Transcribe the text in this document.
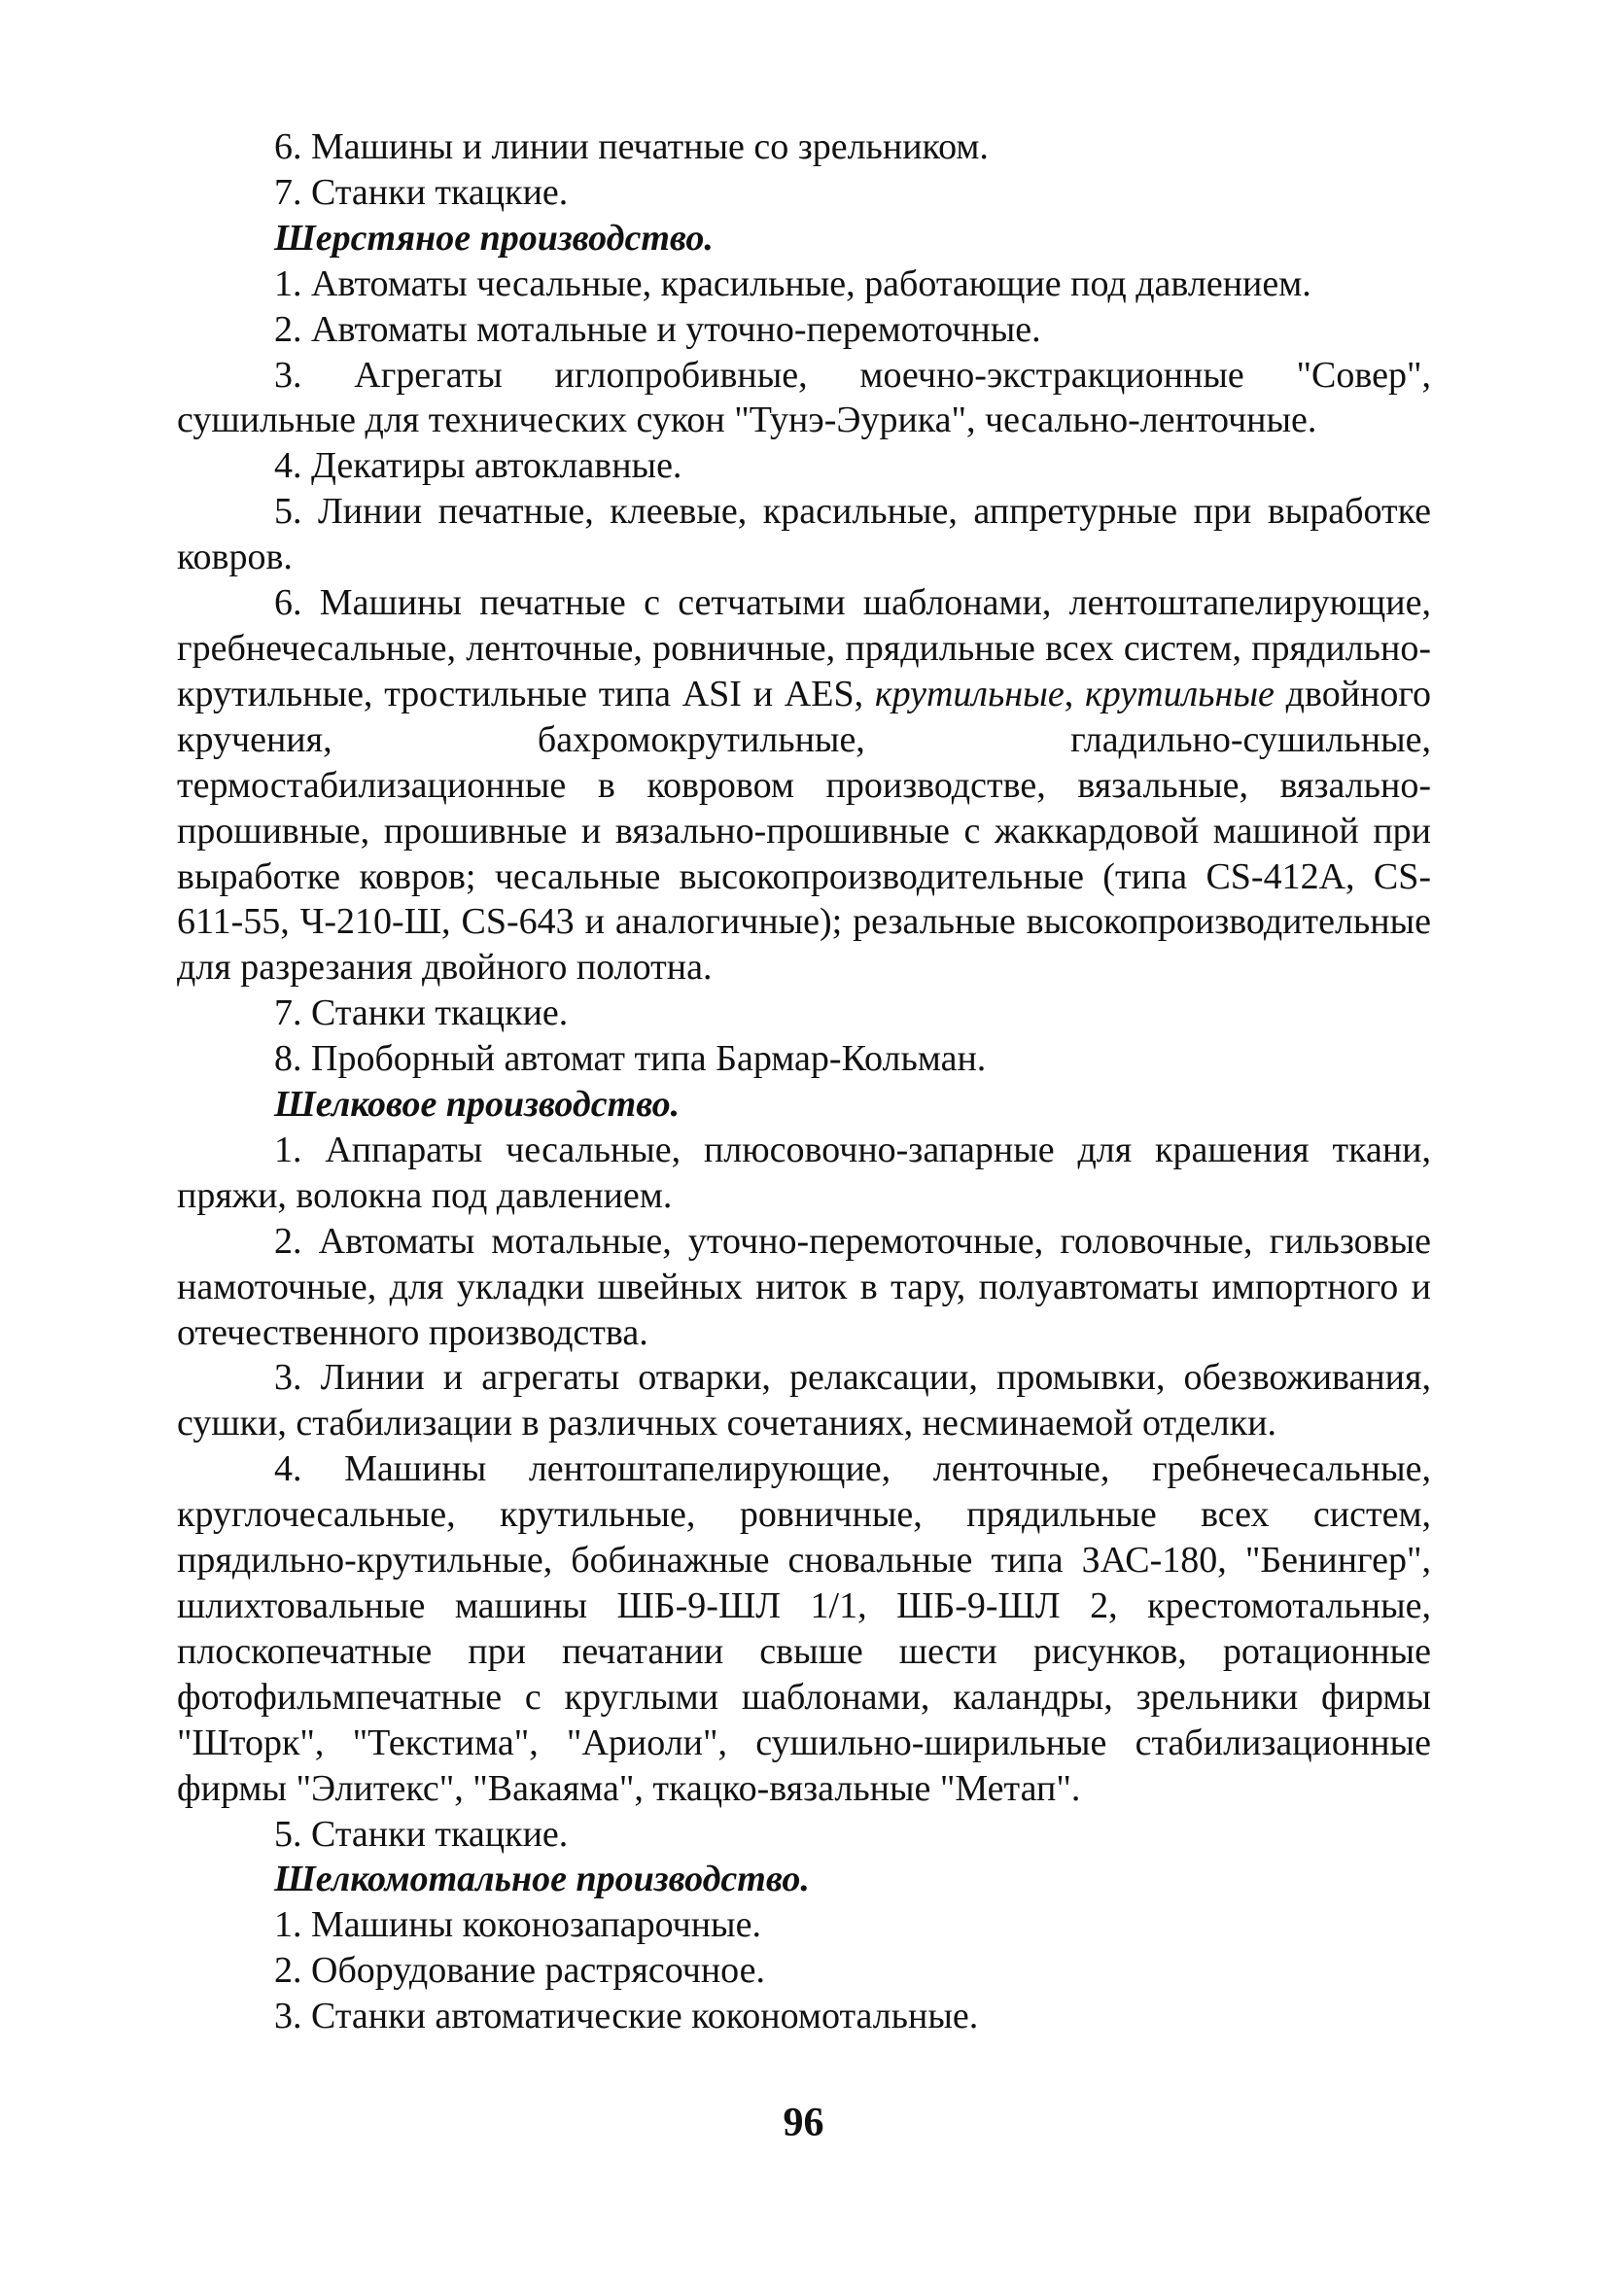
6. Машины и линии печатные со зрельником.

7. Станки ткацкие.

Шерстяное производство.

1. Автоматы чесальные, красильные, работающие под давлением.

2. Автоматы мотальные и уточно-перемоточные.

3. Агрегаты иглопробивные, моечно-экстракционные "Совер", сушильные для технических сукон "Тунэ-Эурика", чесально-ленточные.

4. Декатиры автоклавные.

5. Линии печатные, клеевые, красильные, аппретурные при выработке ковров.

6. Машины печатные с сетчатыми шаблонами, лентоштапелирующие, гребнечесальные, ленточные, ровничные, прядильные всех систем, прядильно-крутильные, тростильные типа ASI и AES, крутильные, крутильные двойного кручения, бахромокрутильные, гладильно-сушильные, термостабилизационные в ковровом производстве, вязальные, вязально-прошивные, прошивные и вязально-прошивные с жаккардовой машиной при выработке ковров; чесальные высокопроизводительные (типа CS-412A, CS-611-55, Ч-210-Ш, CS-643 и аналогичные); резальные высокопроизводительные для разрезания двойного полотна.

7. Станки ткацкие.

8. Проборный автомат типа Бармар-Кольман.

Шелковое производство.

1. Аппараты чесальные, плюсовочно-запарные для крашения ткани, пряжи, волокна под давлением.

2. Автоматы мотальные, уточно-перемоточные, головочные, гильзовые намоточные, для укладки швейных ниток в тару, полуавтоматы импортного и отечественного производства.

3. Линии и агрегаты отварки, релаксации, промывки, обезвоживания, сушки, стабилизации в различных сочетаниях, несминаемой отделки.

4. Машины лентоштапелирующие, ленточные, гребнечесальные, круглочесальные, крутильные, ровничные, прядильные всех систем, прядильно-крутильные, бобинажные сновальные типа ЗАС-180, "Бенингер", шлихтовальные машины ШБ-9-ШЛ 1/1, ШБ-9-ШЛ 2, крестомотальные, плоскопечатные при печатании свыше шести рисунков, ротационные фотофильмпечатные с круглыми шаблонами, каландры, зрельники фирмы "Шторк", "Текстима", "Ариоли", сушильно-ширильные стабилизационные фирмы "Элитекс", "Вакаяма", ткацко-вязальные "Метап".

5. Станки ткацкие.

Шелкомотальное производство.

1. Машины коконозапарочные.

2. Оборудование растрясочное.

3. Станки автоматические кокономотальные.

96
